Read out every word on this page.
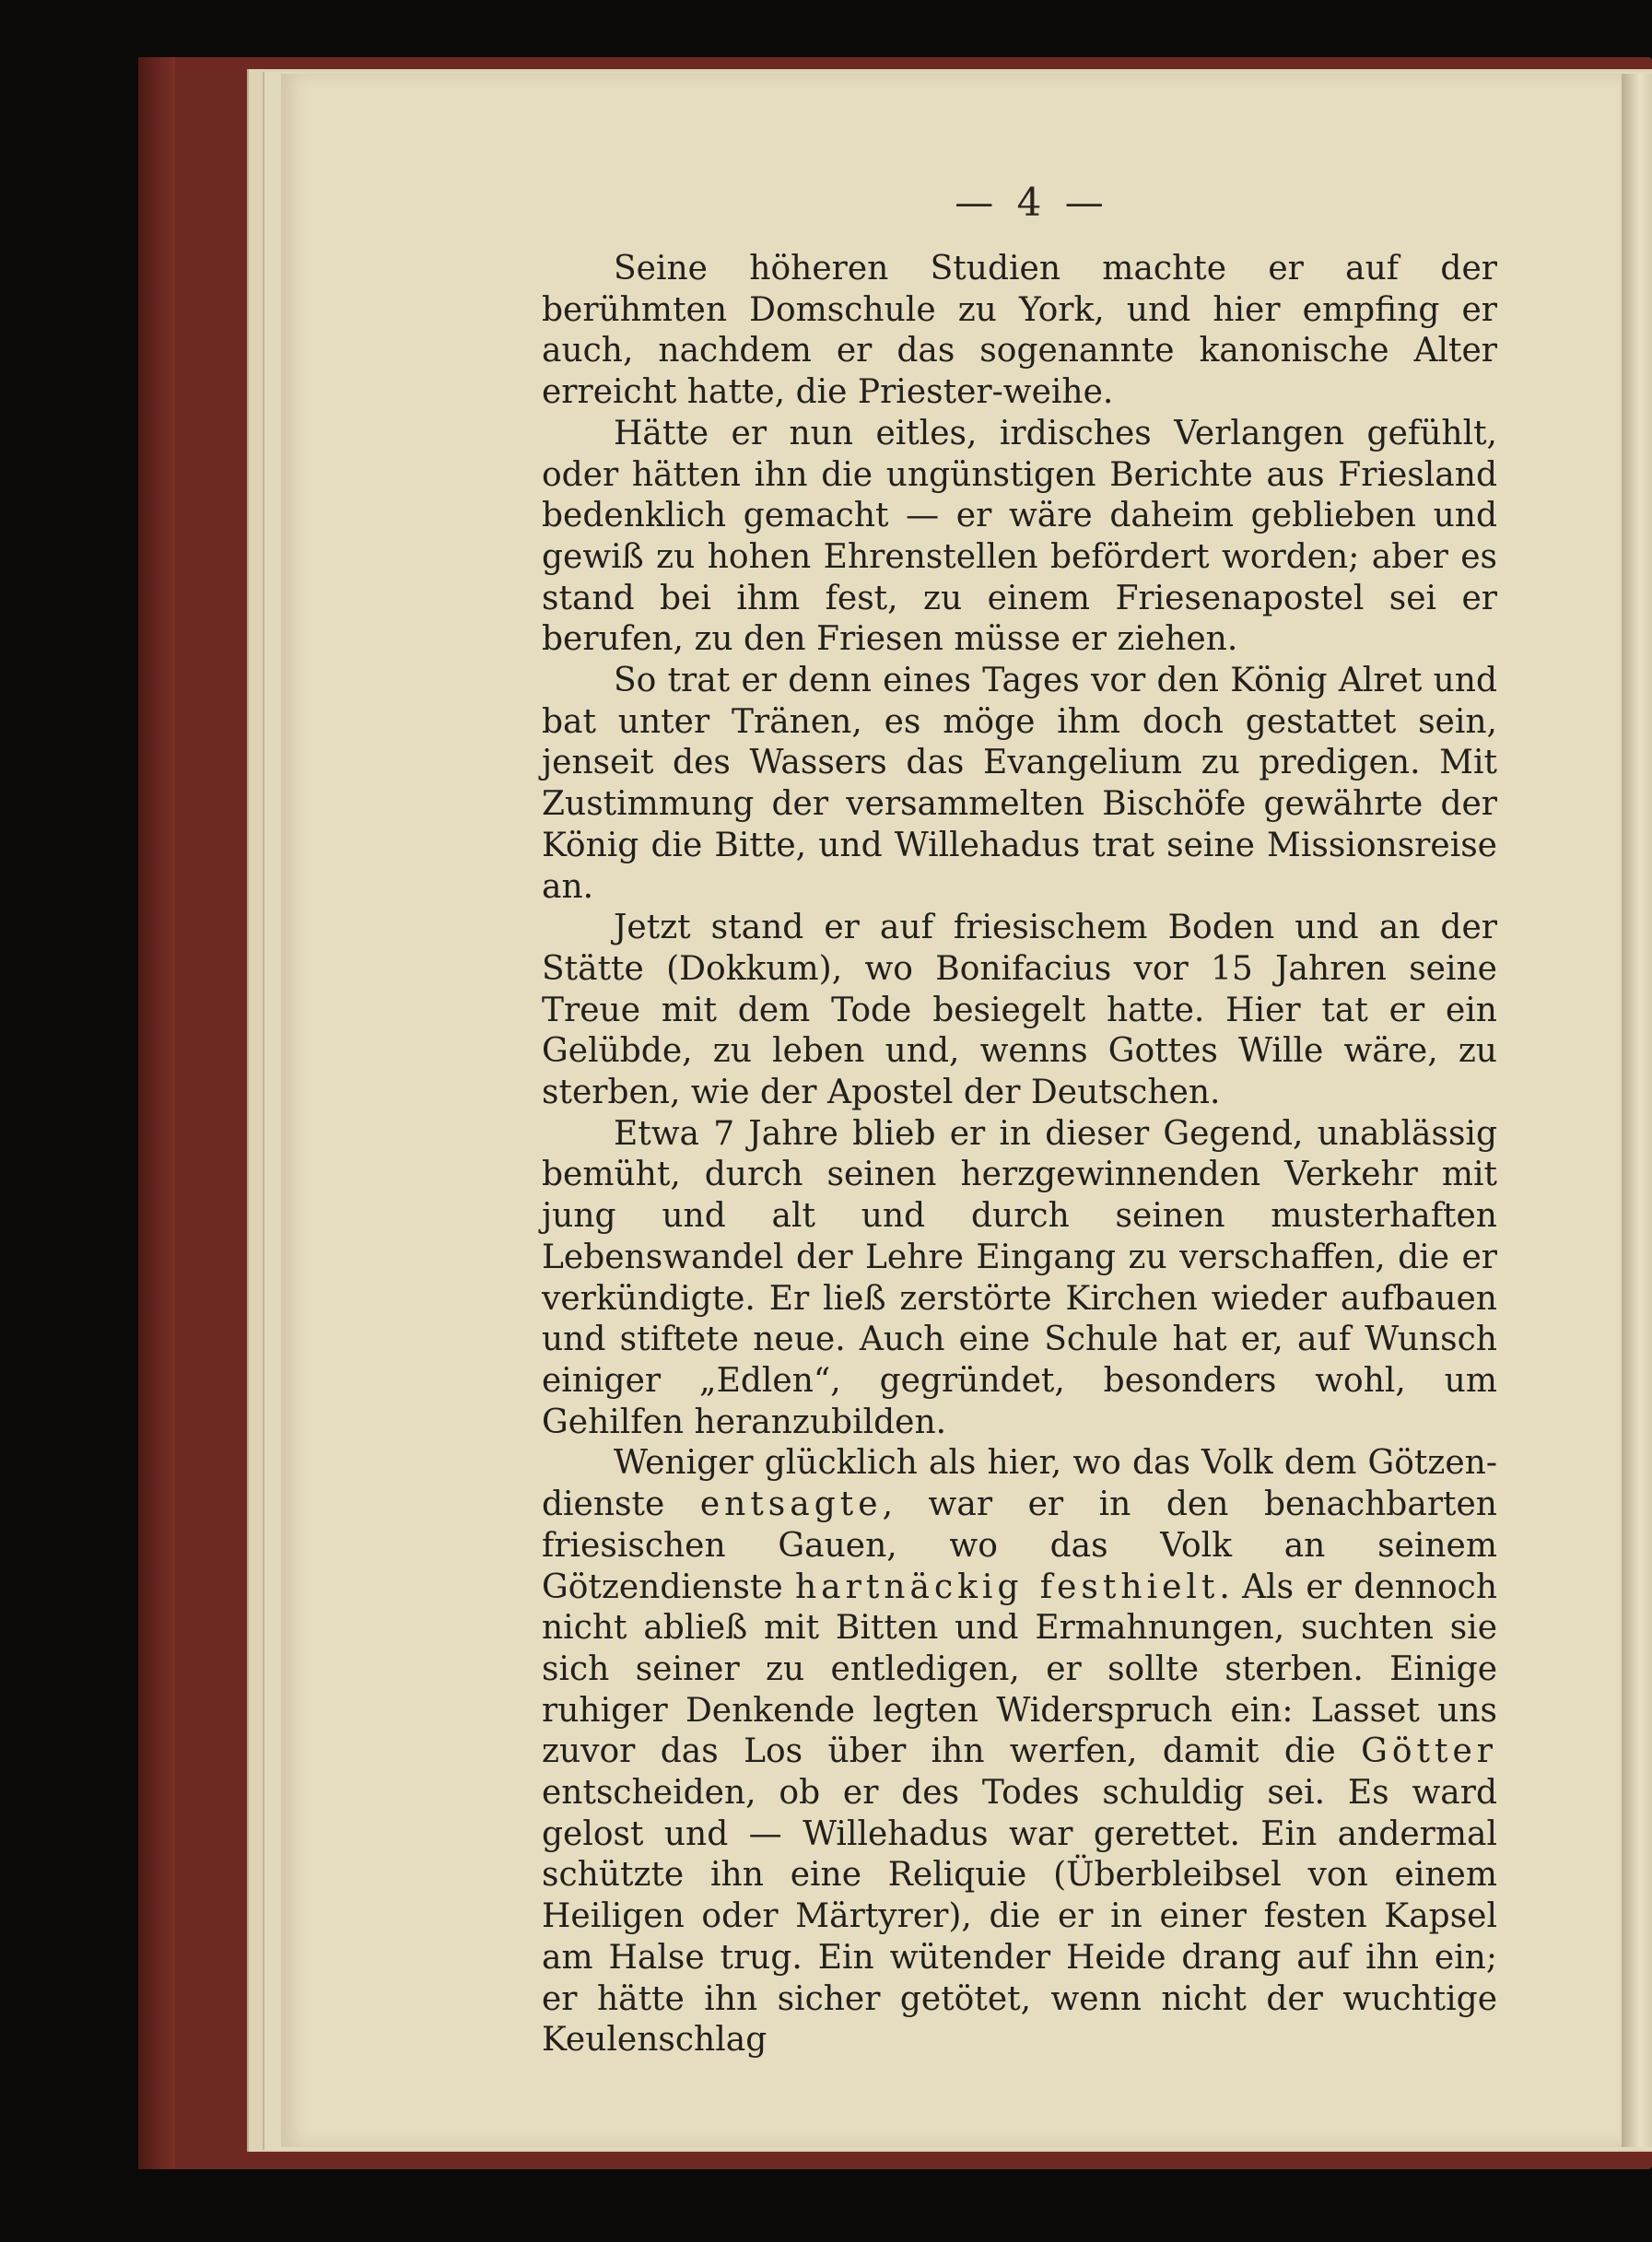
— 4 —

Seine höheren Studien machte er auf der berühmten Domschule zu York, und hier empfing er auch, nachdem er das sogenannte kanonische Alter erreicht hatte, die Priester-weihe.

Hätte er nun eitles, irdisches Verlangen gefühlt, oder hätten ihn die ungünstigen Berichte aus Friesland bedenklich gemacht — er wäre daheim geblieben und gewiß zu hohen Ehrenstellen befördert worden; aber es stand bei ihm fest, zu einem Friesenapostel sei er berufen, zu den Friesen müsse er ziehen.

So trat er denn eines Tages vor den König Alret und bat unter Tränen, es möge ihm doch gestattet sein, jenseit des Wassers das Evangelium zu predigen. Mit Zustimmung der versammelten Bischöfe gewährte der König die Bitte, und Willehadus trat seine Missionsreise an.

Jetzt stand er auf friesischem Boden und an der Stätte (Dokkum), wo Bonifacius vor 15 Jahren seine Treue mit dem Tode besiegelt hatte. Hier tat er ein Gelübde, zu leben und, wenns Gottes Wille wäre, zu sterben, wie der Apostel der Deutschen.

Etwa 7 Jahre blieb er in dieser Gegend, unablässig bemüht, durch seinen herzgewinnenden Verkehr mit jung und alt und durch seinen musterhaften Lebenswandel der Lehre Eingang zu verschaffen, die er verkündigte. Er ließ zerstörte Kirchen wieder aufbauen und stiftete neue. Auch eine Schule hat er, auf Wunsch einiger „Edlen“, gegründet, besonders wohl, um Gehilfen heranzubilden.

Weniger glücklich als hier, wo das Volk dem Götzen-dienste entsagte, war er in den benachbarten friesischen Gauen, wo das Volk an seinem Götzendienste hartnäckig festhielt. Als er dennoch nicht abließ mit Bitten und Ermahnungen, suchten sie sich seiner zu entledigen, er sollte sterben. Einige ruhiger Denkende legten Widerspruch ein: Lasset uns zuvor das Los über ihn werfen, damit die Götter entscheiden, ob er des Todes schuldig sei. Es ward gelost und — Willehadus war gerettet. Ein andermal schützte ihn eine Reliquie (Überbleibsel von einem Heiligen oder Märtyrer), die er in einer festen Kapsel am Halse trug. Ein wütender Heide drang auf ihn ein; er hätte ihn sicher getötet, wenn nicht der wuchtige Keulenschlag
